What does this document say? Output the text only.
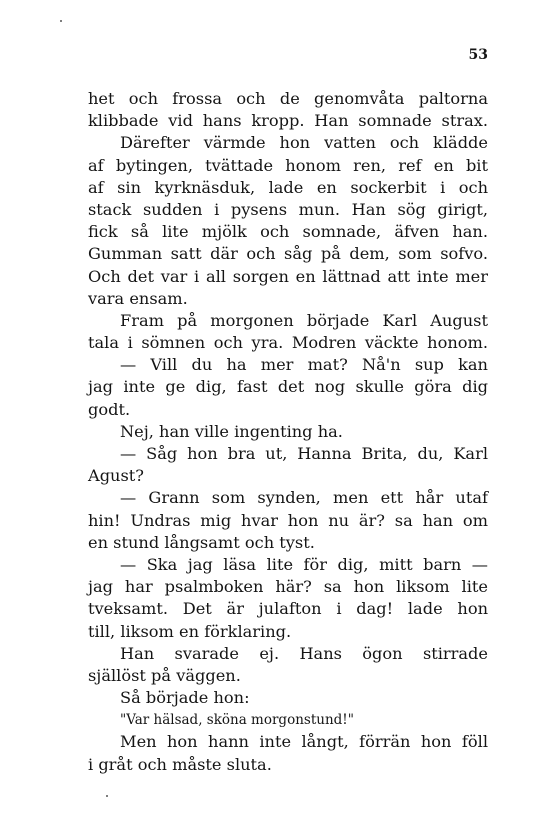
53
het och frossa och de genomvåta paltorna
klibbade vid hans kropp. Han somnade strax.
Därefter värmde hon vatten och klädde
af bytingen, tvättade honom ren, ref en bit
af sin kyrknäsduk, lade en sockerbit i och
stack sudden i pysens mun. Han sög girigt,
fick så lite mjölk och somnade, äfven han.
Gumman satt där och såg på dem, som sofvo.
Och det var i all sorgen en lättnad att inte mer
vara ensam.
Fram på morgonen började Karl August
tala i sömnen och yra. Modren väckte honom.
— Vill du ha mer mat? Nå'n sup kan
jag inte ge dig, fast det nog skulle göra dig
godt.
Nej, han ville ingenting ha.
— Såg hon bra ut, Hanna Brita, du, Karl
Agust?
— Grann som synden, men ett hår utaf
hin! Undras mig hvar hon nu är? sa han om
en stund långsamt och tyst.
— Ska jag läsa lite för dig, mitt barn —
jag har psalmboken här? sa hon liksom lite
tveksamt. Det är julafton i dag! lade hon
till, liksom en förklaring.
Han svarade ej. Hans ögon stirrade
själlöst på väggen.
Så började hon:
"Var hälsad, sköna morgonstund!"
Men hon hann inte långt, förrän hon föll
i gråt och måste sluta.
